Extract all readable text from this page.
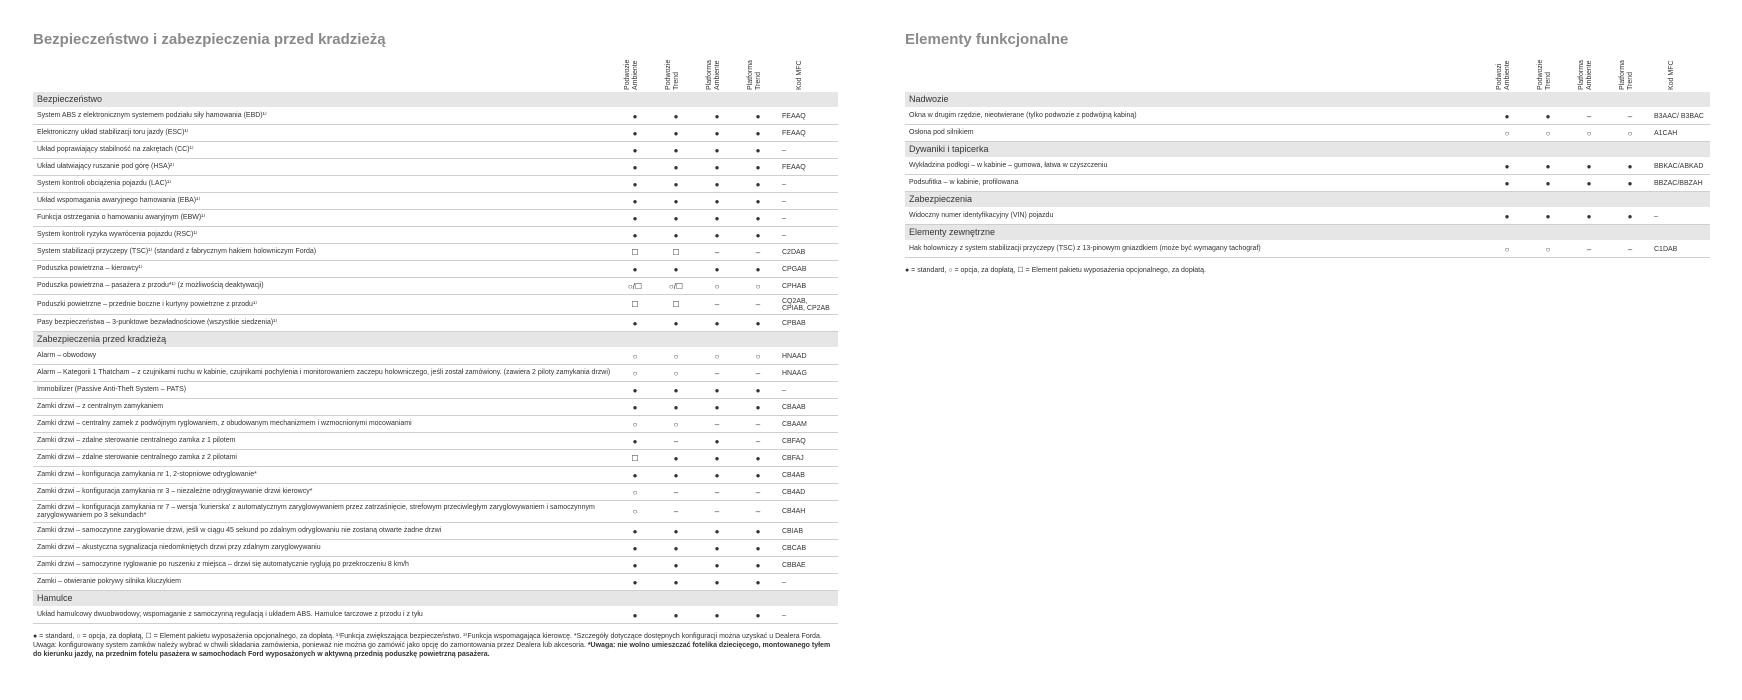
Bezpieczeństwo i zabezpieczenia przed kradzieżą
Podwozie Ambiente	Podwozie Trend	Platforma Ambiente	Platforma Trend	Kod MFC
Bezpieczeństwo
System ABS z elektronicznym systemem podziału siły hamowania (EBD)¹⁾	●	●	●	●	FEAAQ
Elektroniczny układ stabilizacji toru jazdy (ESC)¹⁾	●	●	●	●	FEAAQ
Układ poprawiający stabilność na zakrętach (CC)¹⁾	●	●	●	●	–
Układ ułatwiający ruszanie pod górę (HSA)²⁾	●	●	●	●	FEAAQ
System kontroli obciążenia pojazdu (LAC)¹⁾	●	●	●	●	–
Układ wspomagania awaryjnego hamowania (EBA)¹⁾	●	●	●	●	–
Funkcja ostrzegania o hamowaniu awaryjnym (EBW)¹⁾	●	●	●	●	–
System kontroli ryzyka wywrócenia pojazdu (RSC)¹⁾	●	●	●	●	–
System stabilizacji przyczepy (TSC)¹⁾ (standard z fabrycznym hakiem holowniczym Forda)	☐	☐	–	–	C2DAB
Poduszka powietrzna – kierowcy¹⁾	●	●	●	●	CPGAB
Poduszka powietrzna – pasażera z przodu*¹⁾ (z możliwością deaktywacji)	○/☐	○/☐	○	○	CPHAB
Poduszki powietrzne – przednie boczne i kurtyny powietrzne z przodu¹⁾	☐	☐	–	–	CQ2AB, CPIAB, CP2AB
Pasy bezpieczeństwa – 3-punktowe bezwładnościowe (wszystkie siedzenia)¹⁾	●	●	●	●	CPBAB
Zabezpieczenia przed kradzieżą
Alarm – obwodowy	○	○	○	○	HNAAD
Alarm – Kategorii 1 Thatcham – z czujnikami ruchu w kabinie, czujnikami pochylenia i monitorowaniem zaczepu holowniczego, jeśli został zamówiony. (zawiera 2 piloty zamykania drzwi)	○	○	–	–	HNAAG
Immobilizer (Passive Anti-Theft System – PATS)	●	●	●	●	–
Zamki drzwi – z centralnym zamykaniem	●	●	●	●	CBAAB
Zamki drzwi – centralny zamek z podwójnym ryglowaniem, z obudowanym mechanizmem i wzmocnionymi mocowaniami	○	○	–	–	CBAAM
Zamki drzwi – zdalne sterowanie centralnego zamka z 1 pilotem	●	–	●	–	CBFAQ
Zamki drzwi – zdalne sterowanie centralnego zamka z 2 pilotami	☐	●	●	●	CBFAJ
Zamki drzwi – konfiguracja zamykania nr 1, 2-stopniowe odryglowanie*	●	●	●	●	CB4AB
Zamki drzwi – konfiguracja zamykania nr 3 – niezależne odryglowywanie drzwi kierowcy*	○	–	–	–	CB4AD
Zamki drzwi – konfiguracja zamykania nr 7 – wersja 'kurierska' z automatycznym zaryglowywaniem przez zatrzaśnięcie, strefowym przeciwległym zaryglowywaniem i samoczynnym zaryglowywaniem po 3 sekundach*	○	–	–	–	CB4AH
Zamki drzwi – samoczynne zaryglowanie drzwi, jeśli w ciągu 45 sekund po zdalnym odryglowaniu nie zostaną otwarte żadne drzwi	●	●	●	●	CBIAB
Zamki drzwi – akustyczna sygnalizacja niedomkniętych drzwi przy zdalnym zaryglowywaniu	●	●	●	●	CBCAB
Zamki drzwi – samoczynne ryglowanie po ruszeniu z miejsca – drzwi się automatycznie ryglują po przekroczeniu 8 km/h	●	●	●	●	CBBAE
Zamki – otwieranie pokrywy silnika kluczykiem	●	●	●	●	–
Hamulce
Układ hamulcowy dwuobwodowy, wspomaganie z samoczynną regulacją i układem ABS. Hamulce tarczowe z przodu i z tyłu	●	●	●	●	–
● = standard, ○ = opcja, za dopłatą, ☐ = Element pakietu wyposażenia opcjonalnego, za dopłatą. ¹⁾Funkcja zwiększająca bezpieczeństwo. ²⁾Funkcja wspomagająca kierowcę. *Szczegóły dotyczące dostępnych konfiguracji można uzyskać u Dealera Forda.
Uwaga: konfigurowany system zamków należy wybrać w chwili składania zamówienia, ponieważ nie można go zamówić jako opcję do zamontowania przez Dealera lub akcesoria. *Uwaga: nie wolno umieszczać fotelika dziecięcego, montowanego tyłem do kierunku jazdy, na przednim fotelu pasażera w samochodach Ford wyposażonych w aktywną przednią poduszkę powietrzną pasażera.
Elementy funkcjonalne
Podwozi Ambiente	Podwozie Trend	Platforma Ambiente	Platforma Trend	Kod MFC
Nadwozie
Okna w drugim rzędzie, nieotwierane (tylko podwozie z podwójną kabiną)	●	●	–	–	B3AAC/ B3BAC
Osłona pod silnikiem	○	○	○	○	A1CAH
Dywaniki i tapicerka
Wykładzina podłogi – w kabinie – gumowa, łatwa w czyszczeniu	●	●	●	●	BBKAC/ABKAD
Podsufitka – w kabinie, profilowana	●	●	●	●	BBZAC/BBZAH
Zabezpieczenia
Widoczny numer identyfikacyjny (VIN) pojazdu	●	●	●	●	–
Elementy zewnętrzne
Hak holowniczy z system stabilizacji przyczepy (TSC) z 13-pinowym gniazdkiem (może być wymagany tachograf)	○	○	–	–	C1DAB
● = standard, ○ = opcja, za dopłatą, ☐ = Element pakietu wyposażenia opcjonalnego, za dopłatą.
